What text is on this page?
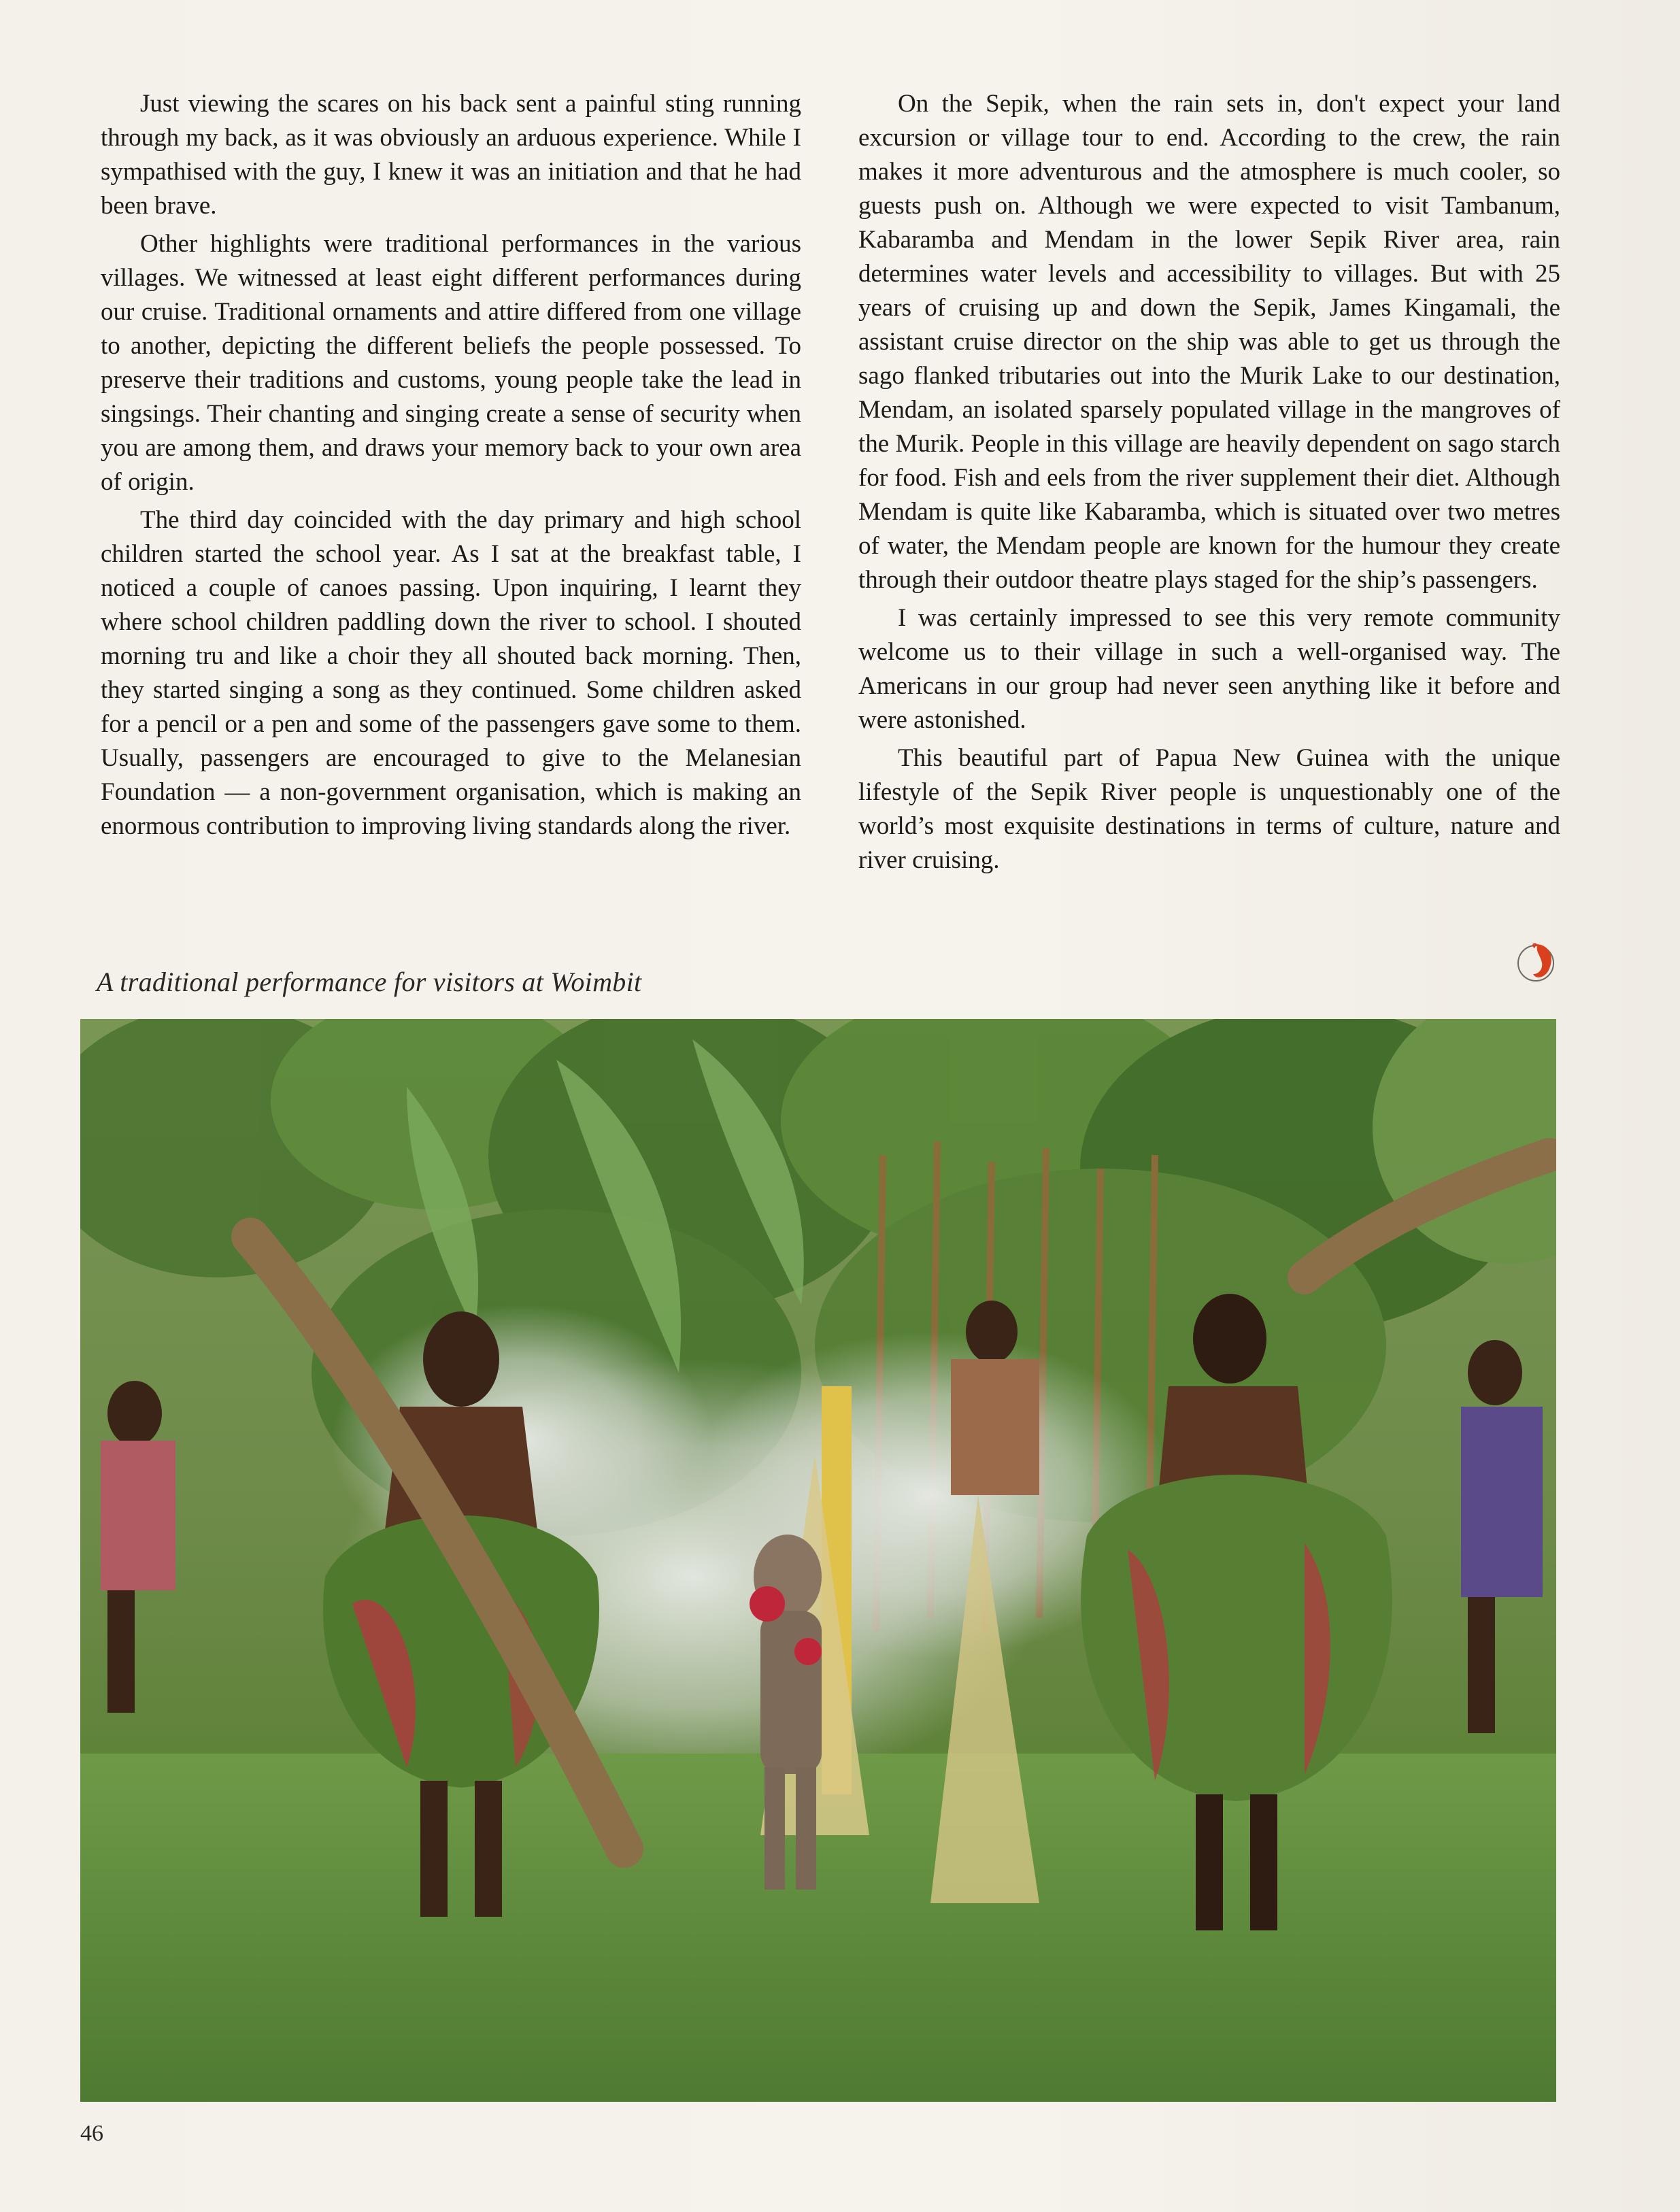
Just viewing the scares on his back sent a painful sting running through my back, as it was obviously an arduous experience. While I sympathised with the guy, I knew it was an initiation and that he had been brave.

Other highlights were traditional performances in the various villages. We witnessed at least eight different performances during our cruise. Traditional ornaments and attire differed from one village to another, depicting the different beliefs the people possessed. To preserve their traditions and customs, young people take the lead in singsings. Their chanting and singing create a sense of security when you are among them, and draws your memory back to your own area of origin.

The third day coincided with the day primary and high school children started the school year. As I sat at the breakfast table, I noticed a couple of canoes passing. Upon inquiring, I learnt they where school children paddling down the river to school. I shouted morning tru and like a choir they all shouted back morning. Then, they started singing a song as they continued. Some children asked for a pencil or a pen and some of the passengers gave some to them. Usually, passengers are encouraged to give to the Melanesian Foundation — a non-government organisation, which is making an enormous contribution to improving living standards along the river.

On the Sepik, when the rain sets in, don't expect your land excursion or village tour to end. According to the crew, the rain makes it more adventurous and the atmosphere is much cooler, so guests push on. Although we were expected to visit Tambanum, Kabaramba and Mendam in the lower Sepik River area, rain determines water levels and accessibility to villages. But with 25 years of cruising up and down the Sepik, James Kingamali, the assistant cruise director on the ship was able to get us through the sago flanked tributaries out into the Murik Lake to our destination, Mendam, an isolated sparsely populated village in the mangroves of the Murik. People in this village are heavily dependent on sago starch for food. Fish and eels from the river supplement their diet. Although Mendam is quite like Kabaramba, which is situated over two metres of water, the Mendam people are known for the humour they create through their outdoor theatre plays staged for the ship’s passengers.

I was certainly impressed to see this very remote community welcome us to their village in such a well-organised way. The Americans in our group had never seen anything like it before and were astonished.

This beautiful part of Papua New Guinea with the unique lifestyle of the Sepik River people is unquestionably one of the world’s most exquisite destinations in terms of culture, nature and river cruising.

A traditional performance for visitors at Woimbit
46
